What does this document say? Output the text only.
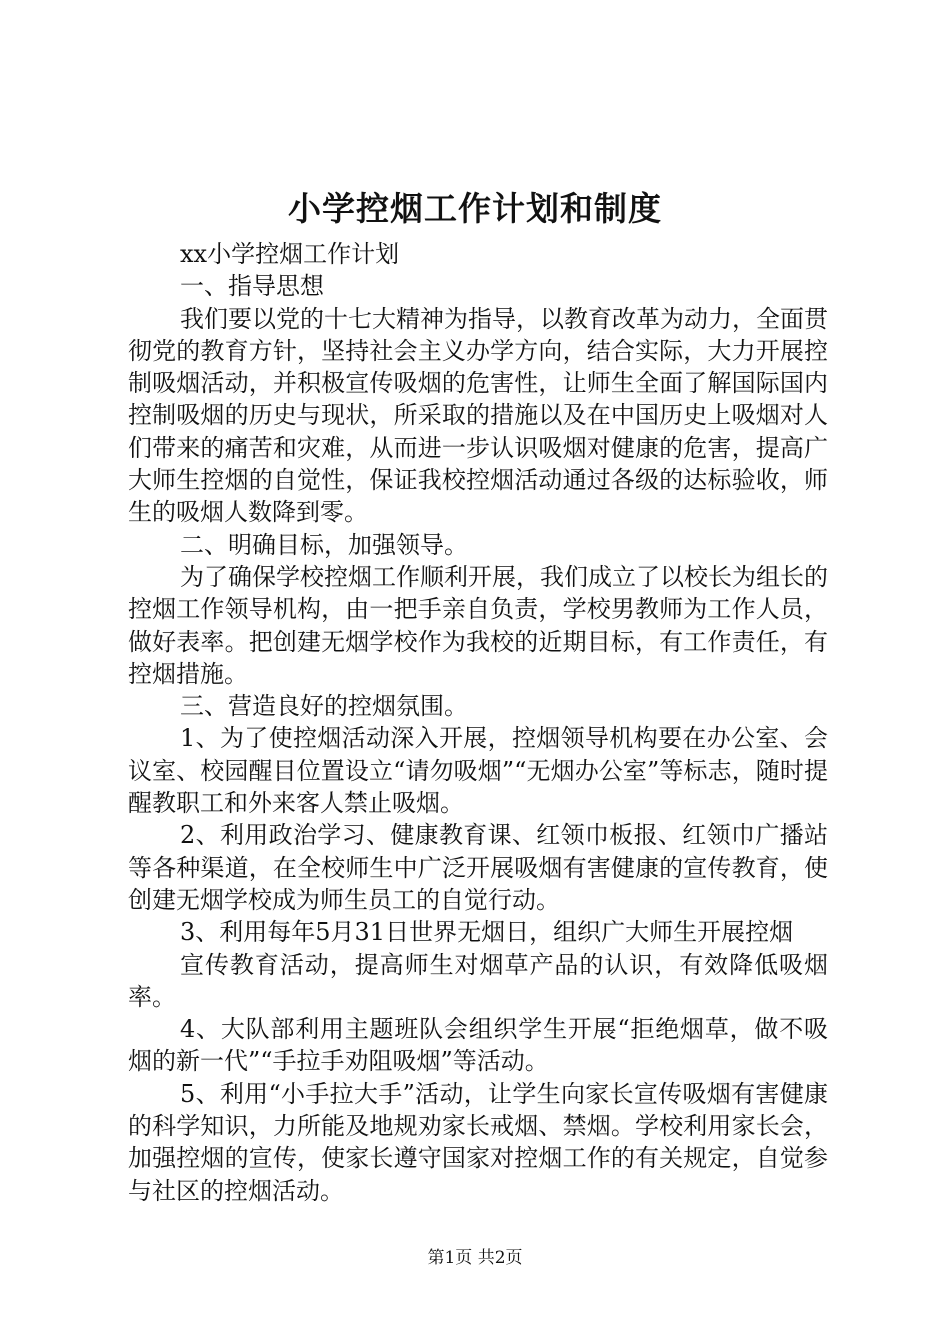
小学控烟工作计划和制度

xx小学控烟工作计划

一、指导思想

我们要以党的十七大精神为指导，以教育改革为动力，全面贯彻党的教育方针，坚持社会主义办学方向，结合实际，大力开展控制吸烟活动，并积极宣传吸烟的危害性，让师生全面了解国际国内控制吸烟的历史与现状，所采取的措施以及在中国历史上吸烟对人们带来的痛苦和灾难，从而进一步认识吸烟对健康的危害，提高广大师生控烟的自觉性，保证我校控烟活动通过各级的达标验收，师生的吸烟人数降到零。

二、明确目标，加强领导。

为了确保学校控烟工作顺利开展，我们成立了以校长为组长的控烟工作领导机构，由一把手亲自负责，学校男教师为工作人员，做好表率。把创建无烟学校作为我校的近期目标，有工作责任，有控烟措施。

三、营造良好的控烟氛围。

1、为了使控烟活动深入开展，控烟领导机构要在办公室、会议室、校园醒目位置设立“请勿吸烟”“无烟办公室”等标志，随时提醒教职工和外来客人禁止吸烟。

2、利用政治学习、健康教育课、红领巾板报、红领巾广播站等各种渠道，在全校师生中广泛开展吸烟有害健康的宣传教育，使创建无烟学校成为师生员工的自觉行动。

3、利用每年5月31日世界无烟日，组织广大师生开展控烟

宣传教育活动，提高师生对烟草产品的认识，有效降低吸烟率。

4、大队部利用主题班队会组织学生开展“拒绝烟草，做不吸烟的新一代”“手拉手劝阻吸烟”等活动。

5、利用“小手拉大手”活动，让学生向家长宣传吸烟有害健康的科学知识，力所能及地规劝家长戒烟、禁烟。学校利用家长会，加强控烟的宣传，使家长遵守国家对控烟工作的有关规定，自觉参与社区的控烟活动。

第1页 共2页
